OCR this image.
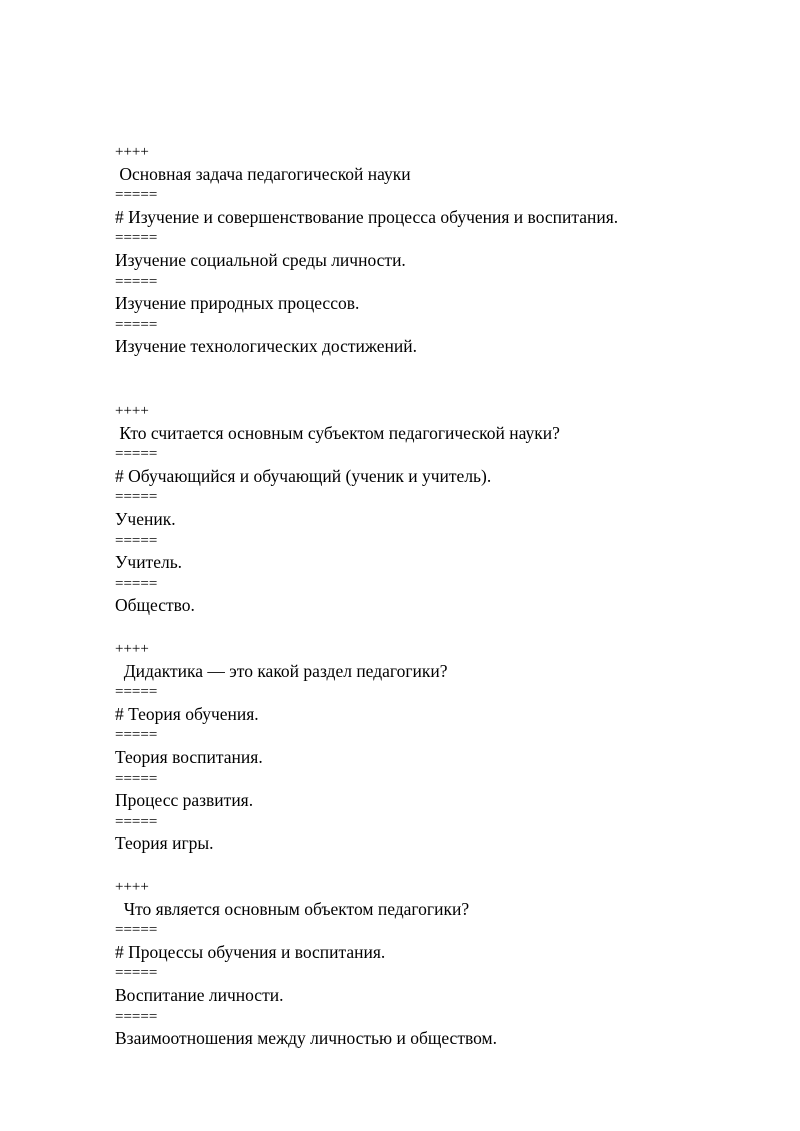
++++
Основная задача педагогической науки
=====
# Изучение и совершенствование процесса обучения и воспитания.
=====
Изучение социальной среды личности.
=====
Изучение природных процессов.
=====
Изучение технологических достижений.
++++
Кто считается основным субъектом педагогической науки?
=====
# Обучающийся и обучающий (ученик и учитель).
=====
Ученик.
=====
Учитель.
=====
Общество.
++++
Дидактика — это какой раздел педагогики?
=====
# Теория обучения.
=====
Теория воспитания.
=====
Процесс развития.
=====
Теория игры.
++++
Что является основным объектом педагогики?
=====
# Процессы обучения и воспитания.
=====
Воспитание личности.
=====
Взаимоотношения между личностью и обществом.
